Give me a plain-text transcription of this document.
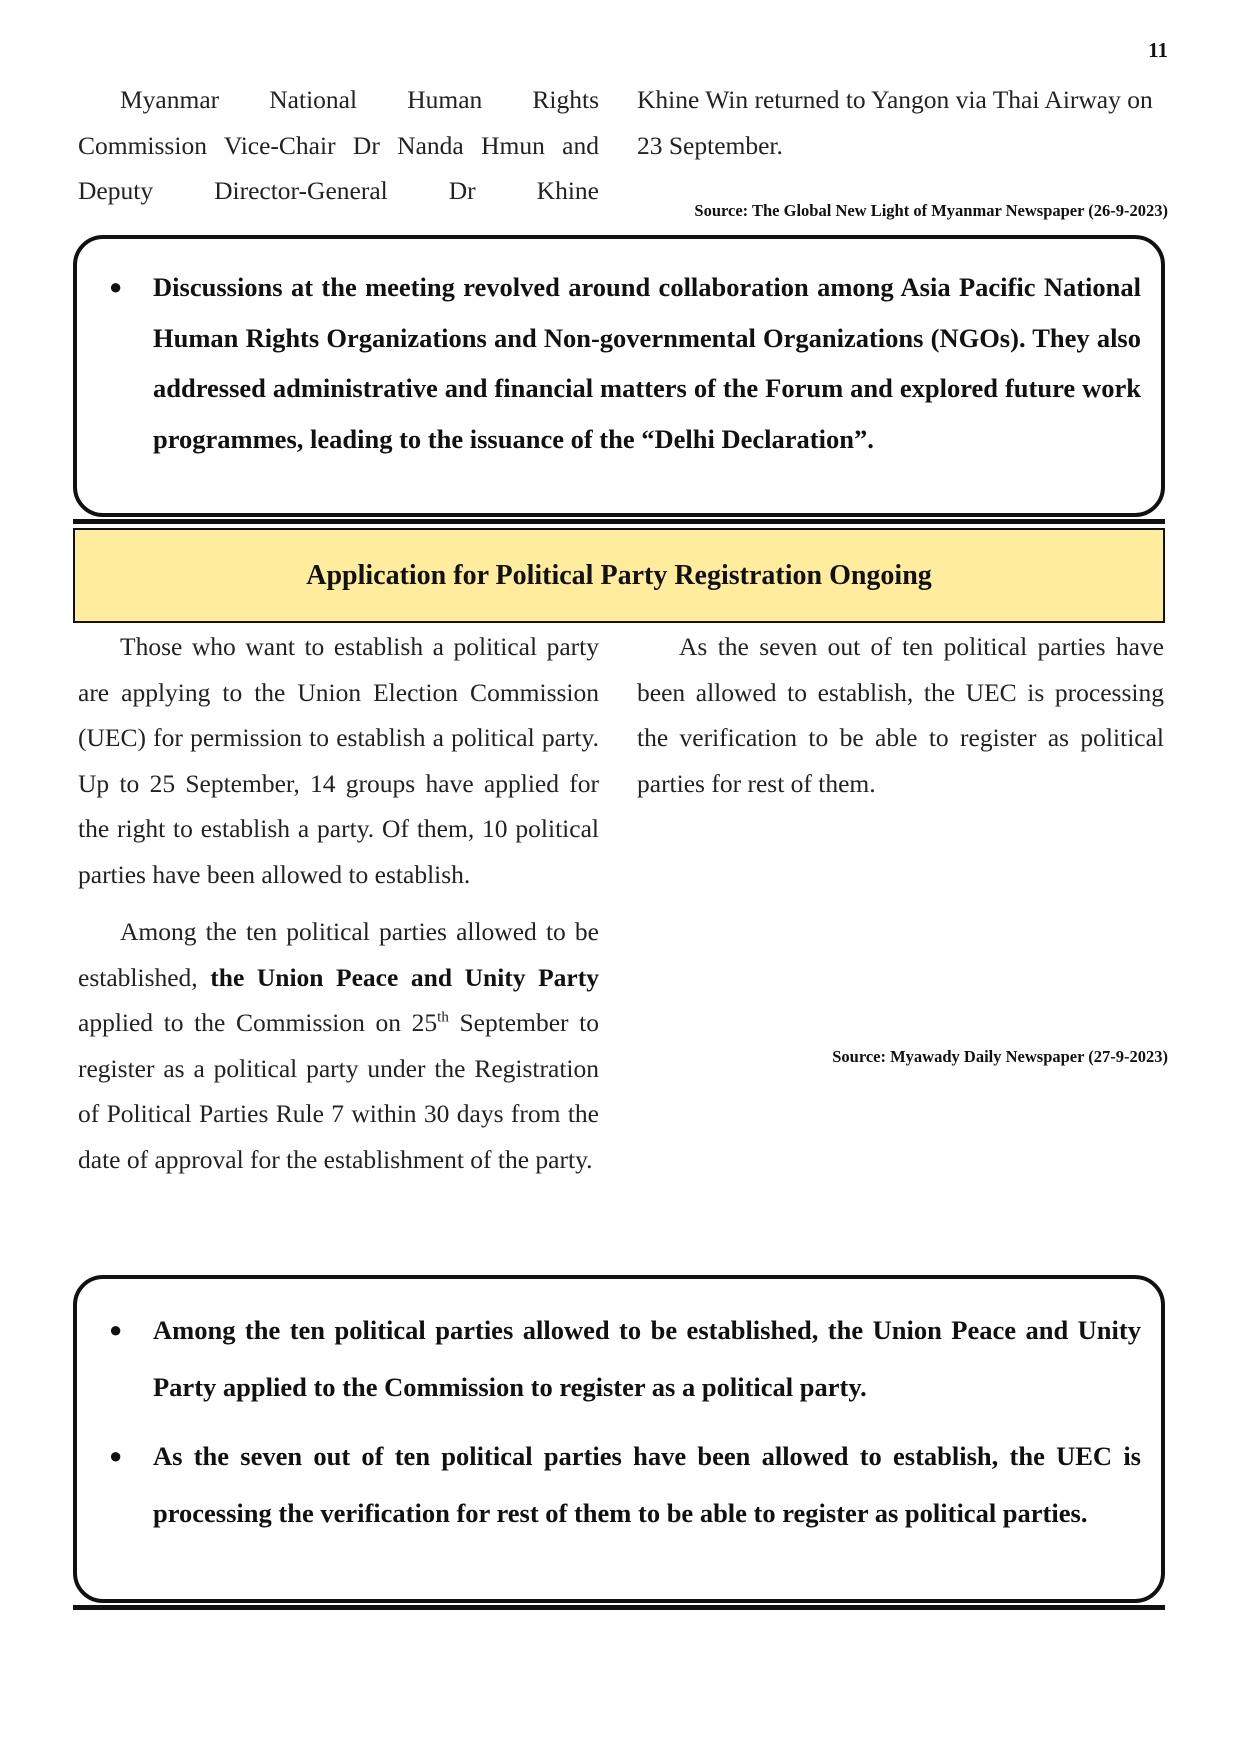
11

Myanmar National Human Rights Commission Vice-Chair Dr Nanda Hmun and Deputy Director-General Dr Khine

Khine Win returned to Yangon via Thai Airway on 23 September.

Source: The Global New Light of Myanmar Newspaper (26-9-2023)
● Discussions at the meeting revolved around collaboration among Asia Pacific National Human Rights Organizations and Non-governmental Organizations (NGOs). They also addressed administrative and financial matters of the Forum and explored future work programmes, leading to the issuance of the “Delhi Declaration”.
Application for Political Party Registration Ongoing

Those who want to establish a political party are applying to the Union Election Commission (UEC) for permission to establish a political party. Up to 25 September, 14 groups have applied for the right to establish a party. Of them, 10 political parties have been allowed to establish.

Among the ten political parties allowed to be established, the Union Peace and Unity Party applied to the Commission on 25th September to register as a political party under the Registration of Political Parties Rule 7 within 30 days from the date of approval for the establishment of the party.

As the seven out of ten political parties have been allowed to establish, the UEC is processing the verification to be able to register as political parties for rest of them.

Source: Myawady Daily Newspaper (27-9-2023)
● Among the ten political parties allowed to be established, the Union Peace and Unity Party applied to the Commission to register as a political party.
● As the seven out of ten political parties have been allowed to establish, the UEC is processing the verification for rest of them to be able to register as political parties.
